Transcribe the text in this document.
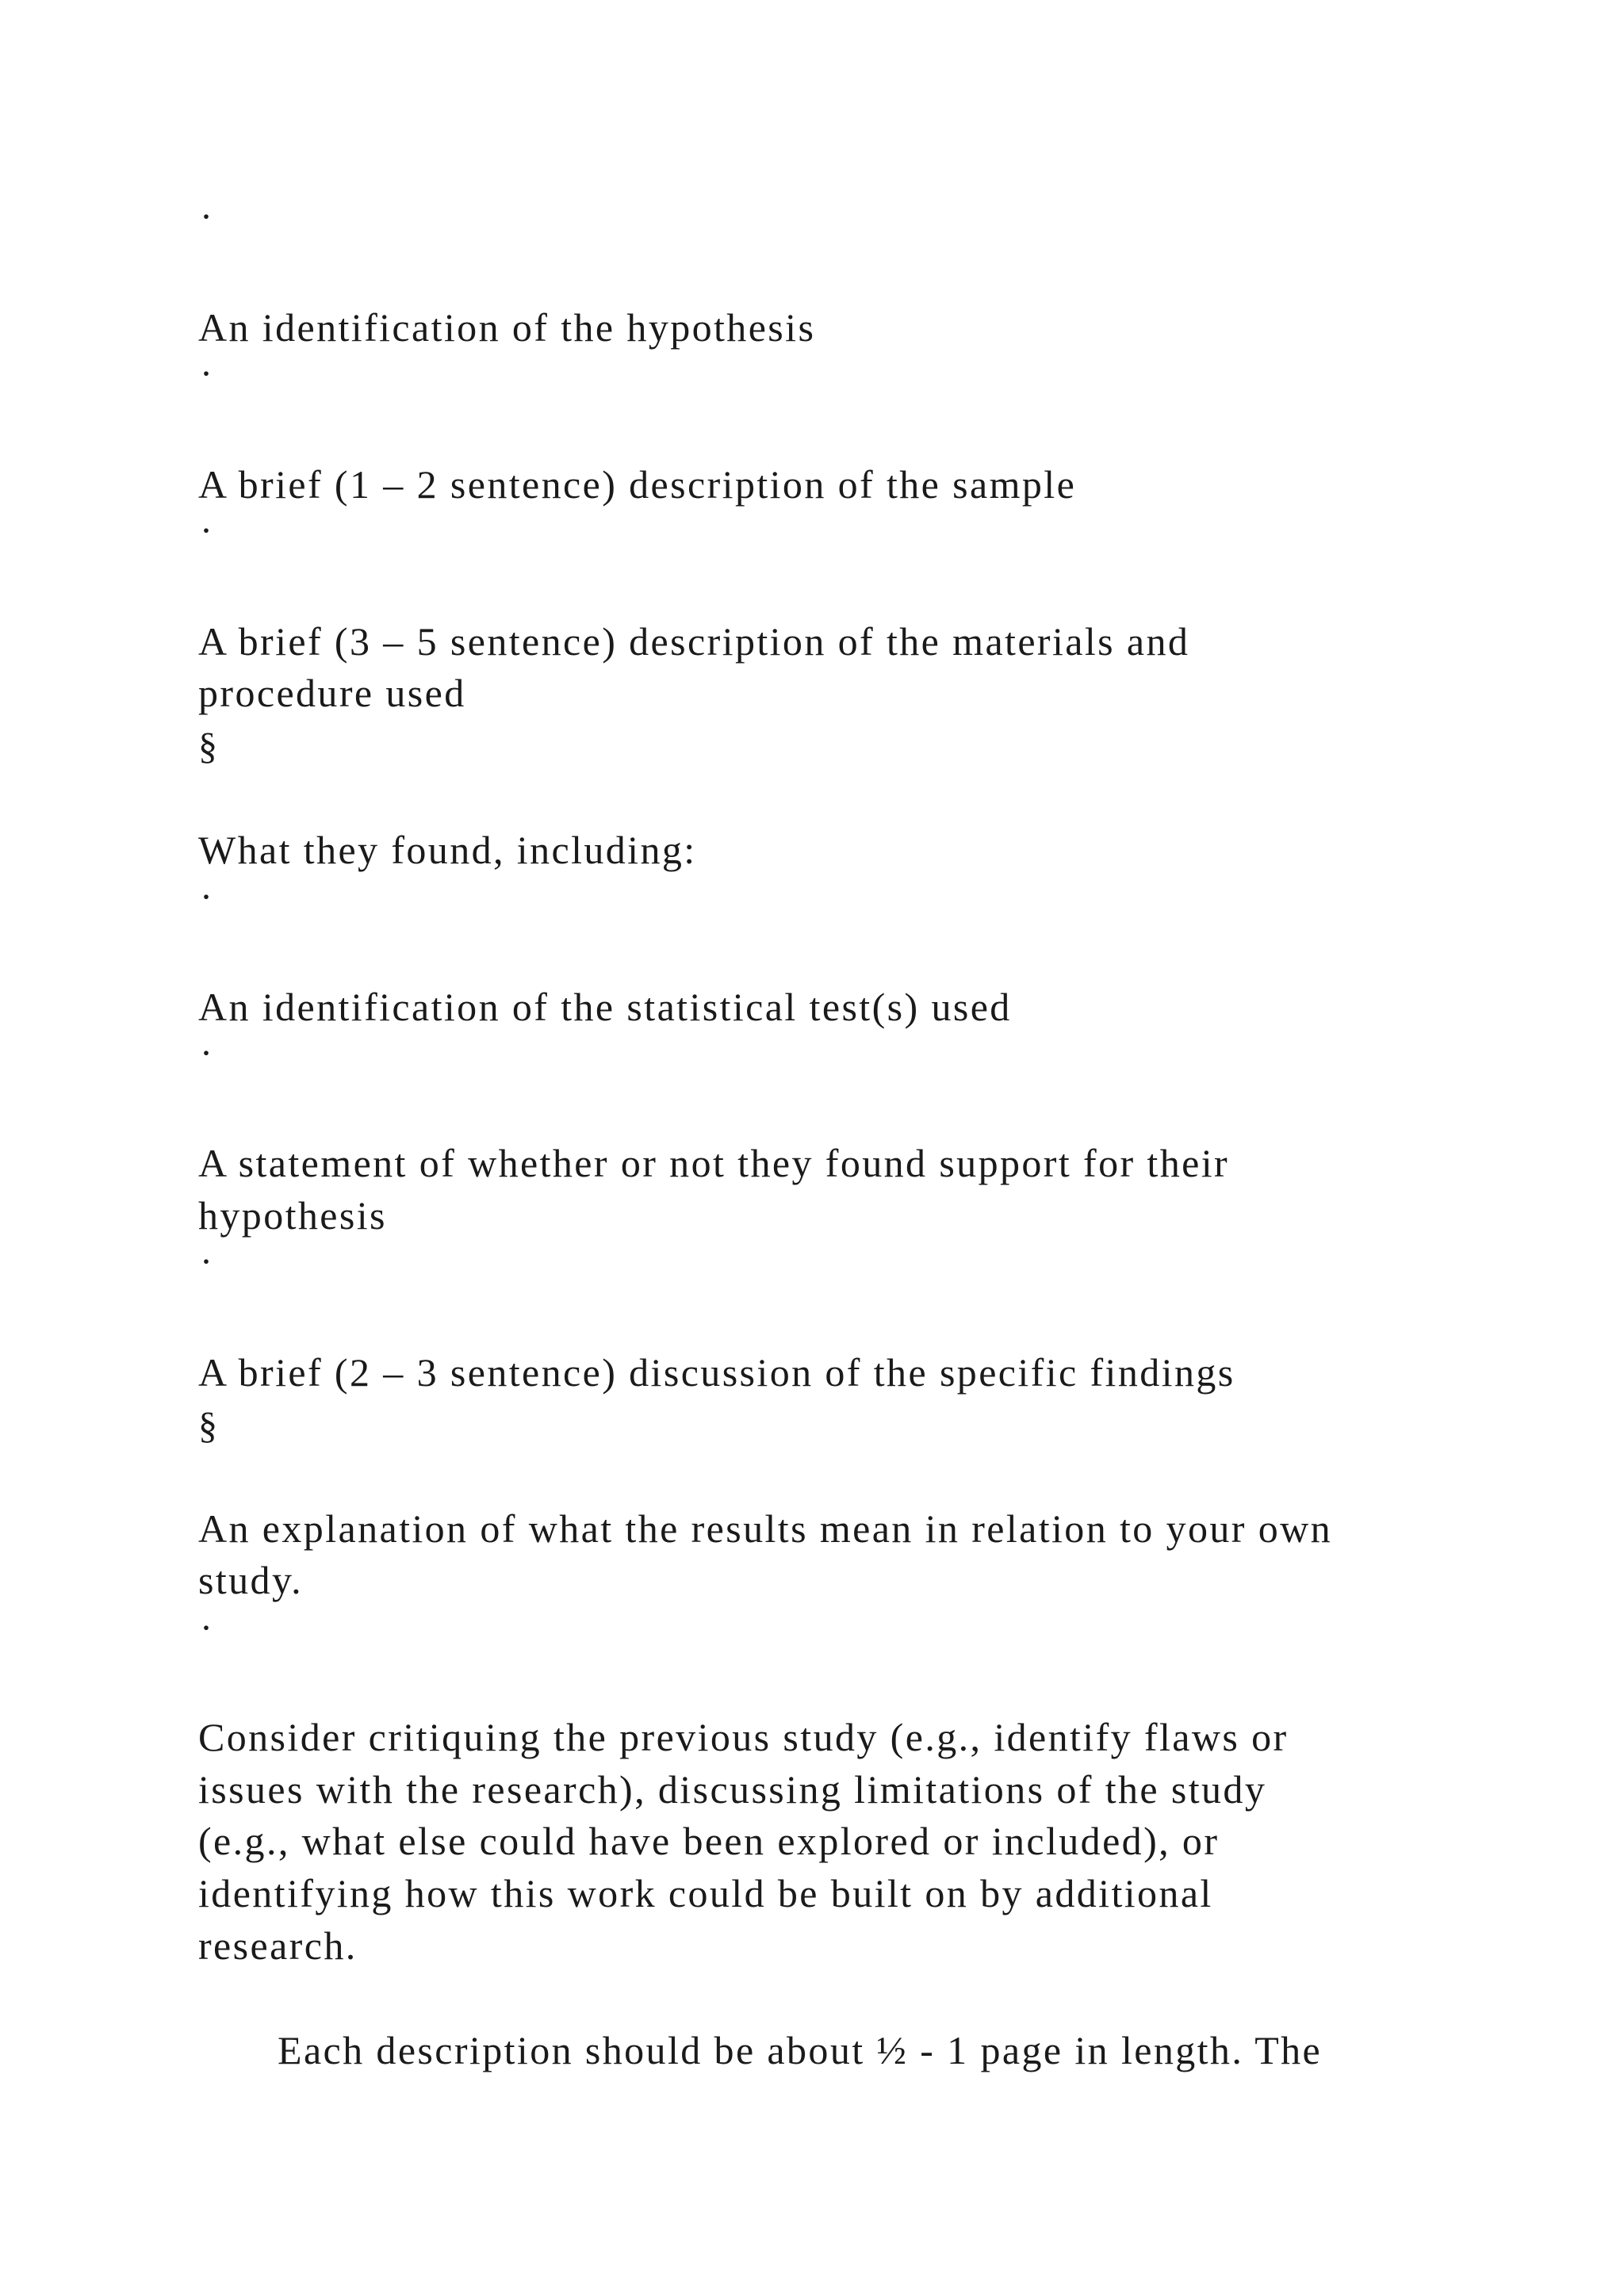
·
An identification of the hypothesis
·
A brief (1 – 2 sentence) description of the sample
·
A brief (3 – 5 sentence) description of the materials and
procedure used
§
What they found, including:
·
An identification of the statistical test(s) used
·
A statement of whether or not they found support for their
hypothesis
·
A brief (2 – 3 sentence) discussion of the specific findings
§
An explanation of what the results mean in relation to your own
study.
·
Consider critiquing the previous study (e.g., identify flaws or
issues with the research), discussing limitations of the study
(e.g., what else could have been explored or included), or
identifying how this work could be built on by additional
research.
Each description should be about ½ - 1 page in length. The
